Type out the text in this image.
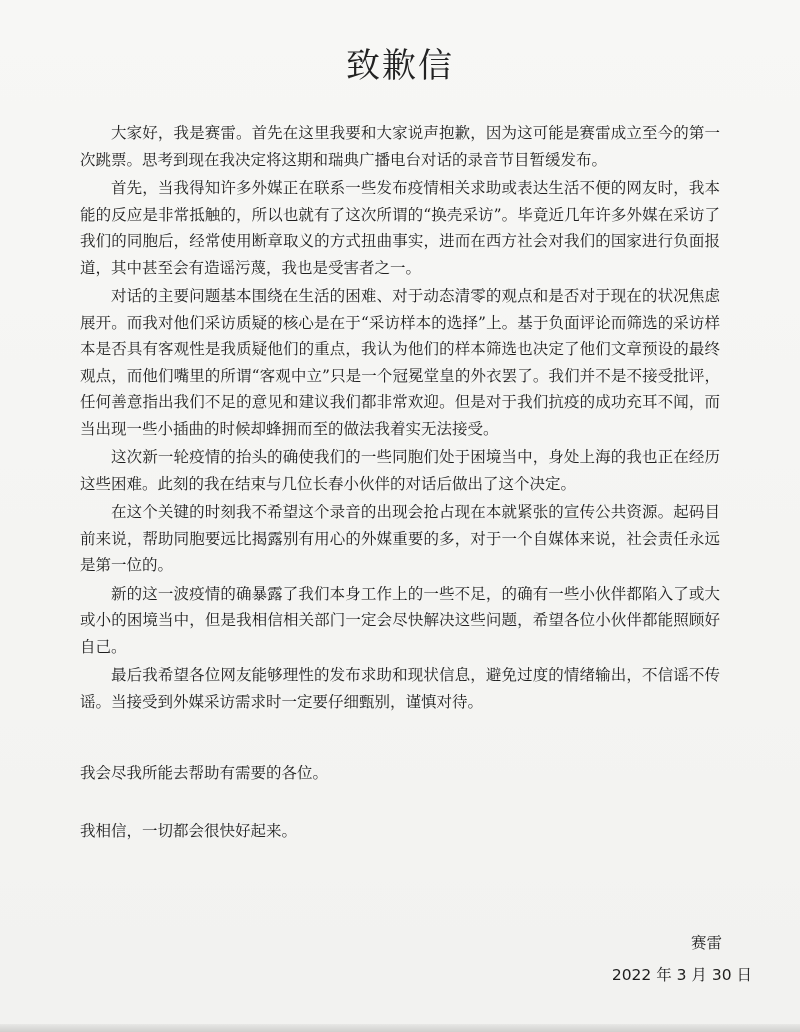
致歉信

大家好，我是赛雷。首先在这里我要和大家说声抱歉，因为这可能是赛雷成立至今的第一次跳票。思考到现在我决定将这期和瑞典广播电台对话的录音节目暂缓发布。

首先，当我得知许多外媒正在联系一些发布疫情相关求助或表达生活不便的网友时，我本能的反应是非常抵触的，所以也就有了这次所谓的“换壳采访”。毕竟近几年许多外媒在采访了我们的同胞后，经常使用断章取义的方式扭曲事实，进而在西方社会对我们的国家进行负面报道，其中甚至会有造谣污蔑，我也是受害者之一。

对话的主要问题基本围绕在生活的困难、对于动态清零的观点和是否对于现在的状况焦虑展开。而我对他们采访质疑的核心是在于“采访样本的选择”上。基于负面评论而筛选的采访样本是否具有客观性是我质疑他们的重点，我认为他们的样本筛选也决定了他们文章预设的最终观点，而他们嘴里的所谓“客观中立”只是一个冠冕堂皇的外衣罢了。我们并不是不接受批评，任何善意指出我们不足的意见和建议我们都非常欢迎。但是对于我们抗疫的成功充耳不闻，而当出现一些小插曲的时候却蜂拥而至的做法我着实无法接受。

这次新一轮疫情的抬头的确使我们的一些同胞们处于困境当中，身处上海的我也正在经历这些困难。此刻的我在结束与几位长春小伙伴的对话后做出了这个决定。

在这个关键的时刻我不希望这个录音的出现会抢占现在本就紧张的宣传公共资源。起码目前来说，帮助同胞要远比揭露别有用心的外媒重要的多，对于一个自媒体来说，社会责任永远是第一位的。

新的这一波疫情的确暴露了我们本身工作上的一些不足，的确有一些小伙伴都陷入了或大或小的困境当中，但是我相信相关部门一定会尽快解决这些问题，希望各位小伙伴都能照顾好自己。

最后我希望各位网友能够理性的发布求助和现状信息，避免过度的情绪输出，不信谣不传谣。当接受到外媒采访需求时一定要仔细甄别，谨慎对待。

我会尽我所能去帮助有需要的各位。

我相信，一切都会很快好起来。

赛雷
2022 年 3 月 30 日
